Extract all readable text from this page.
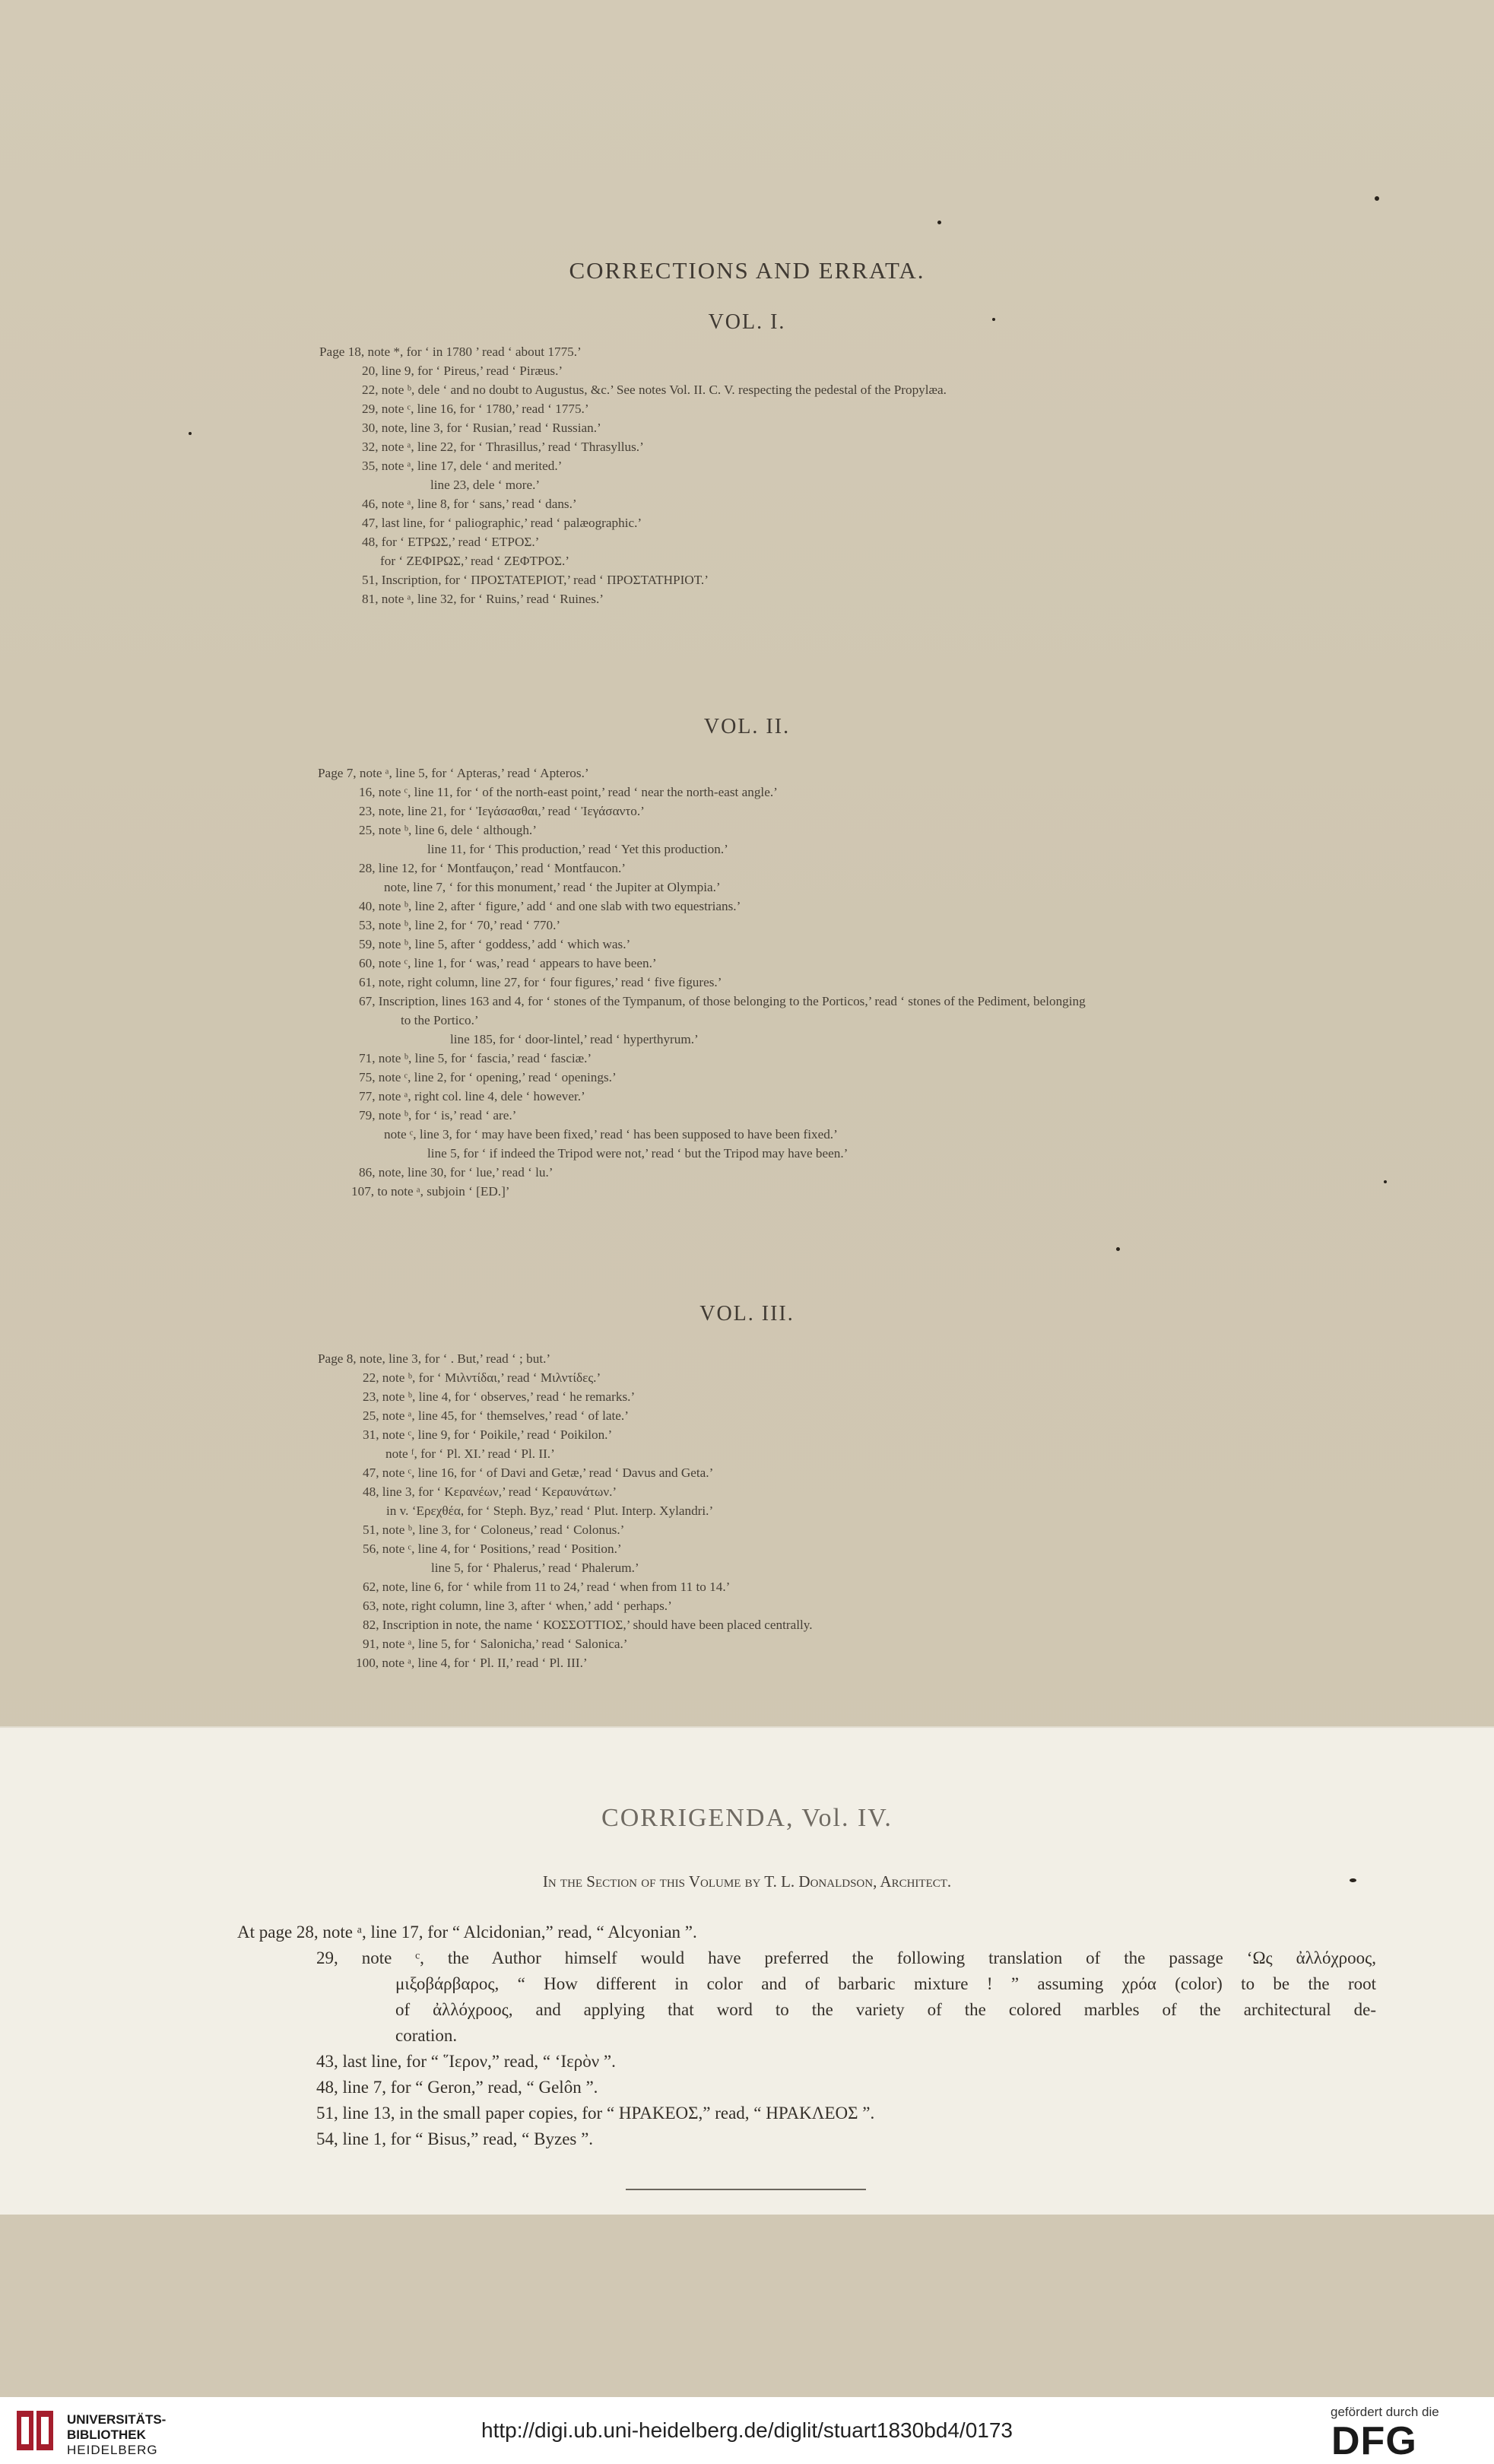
CORRECTIONS AND ERRATA.
VOL. I.
Page 18, note *, for ‘ in 1780 ’ read ‘ about 1775.’
20, line 9, for ‘ Pireus,’ read ‘ Piræus.’
22, note ᵇ, dele ‘ and no doubt to Augustus, &c.’ See notes Vol. II. C. V. respecting the pedestal of the Propylæa.
29, note ᶜ, line 16, for ‘ 1780,’ read ‘ 1775.’
30, note, line 3, for ‘ Rusian,’ read ‘ Russian.’
32, note ᵃ, line 22, for ‘ Thrasillus,’ read ‘ Thrasyllus.’
35, note ᵃ, line 17, dele ‘ and merited.’
line 23, dele ‘ more.’
46, note ᵃ, line 8, for ‘ sans,’ read ‘ dans.’
47, last line, for ‘ paliographic,’ read ‘ palæographic.’
48, for ‘ ΕΤΡΩΣ,’ read ‘ ΕΤΡΟΣ.’
for ‘ ΖΕΦΙΡΩΣ,’ read ‘ ΖΕΦΤΡΟΣ.’
51, Inscription, for ‘ ΠΡΟΣΤΑΤΕΡΙΟΤ,’ read ‘ ΠΡΟΣΤΑΤΗΡΙΟΤ.’
81, note ᵃ, line 32, for ‘ Ruins,’ read ‘ Ruines.’
VOL. II.
Page 7, note ᵃ, line 5, for ‘ Apteras,’ read ‘ Apteros.’
16, note ᶜ, line 11, for ‘ of the north-east point,’ read ‘ near the north-east angle.’
23, note, line 21, for ‘ Ἰεγάσασθαι,’ read ‘ Ἰεγάσαντο.’
25, note ᵇ, line 6, dele ‘ although.’
line 11, for ‘ This production,’ read ‘ Yet this production.’
28, line 12, for ‘ Montfauçon,’ read ‘ Montfaucon.’
note, line 7, ‘ for this monument,’ read ‘ the Jupiter at Olympia.’
40, note ᵇ, line 2, after ‘ figure,’ add ‘ and one slab with two equestrians.’
53, note ᵇ, line 2, for ‘ 70,’ read ‘ 770.’
59, note ᵇ, line 5, after ‘ goddess,’ add ‘ which was.’
60, note ᶜ, line 1, for ‘ was,’ read ‘ appears to have been.’
61, note, right column, line 27, for ‘ four figures,’ read ‘ five figures.’
67, Inscription, lines 163 and 4, for ‘ stones of the Tympanum, of those belonging to the Porticos,’ read ‘ stones of the Pediment, belonging
to the Portico.’
line 185, for ‘ door-lintel,’ read ‘ hyperthyrum.’
71, note ᵇ, line 5, for ‘ fascia,’ read ‘ fasciæ.’
75, note ᶜ, line 2, for ‘ opening,’ read ‘ openings.’
77, note ᵃ, right col. line 4, dele ‘ however.’
79, note ᵇ, for ‘ is,’ read ‘ are.’
note ᶜ, line 3, for ‘ may have been fixed,’ read ‘ has been supposed to have been fixed.’
line 5, for ‘ if indeed the Tripod were not,’ read ‘ but the Tripod may have been.’
86, note, line 30, for ‘ lue,’ read ‘ lu.’
107, to note ᵃ, subjoin ‘ [ED.]’
VOL. III.
Page 8, note, line 3, for ‘ . But,’ read ‘ ; but.’
22, note ᵇ, for ‘ Μιλντίδαι,’ read ‘ Μιλντίδες.’
23, note ᵇ, line 4, for ‘ observes,’ read ‘ he remarks.’
25, note ᵃ, line 45, for ‘ themselves,’ read ‘ of late.’
31, note ᶜ, line 9, for ‘ Poikile,’ read ‘ Poikilon.’
note ᶠ, for ‘ Pl. XI.’ read ‘ Pl. II.’
47, note ᶜ, line 16, for ‘ of Davi and Getæ,’ read ‘ Davus and Geta.’
48, line 3, for ‘ Κερανέων,’ read ‘ Κεραυνάτων.’
in v. ‘Ερεχθέα, for ‘ Steph. Byz,’ read ‘ Plut. Interp. Xylandri.’
51, note ᵇ, line 3, for ‘ Coloneus,’ read ‘ Colonus.’
56, note ᶜ, line 4, for ‘ Positions,’ read ‘ Position.’
line 5, for ‘ Phalerus,’ read ‘ Phalerum.’
62, note, line 6, for ‘ while from 11 to 24,’ read ‘ when from 11 to 14.’
63, note, right column, line 3, after ‘ when,’ add ‘ perhaps.’
82, Inscription in note, the name ‘ ΚΟΣΣΟΤΤΙΟΣ,’ should have been placed centrally.
91, note ᵃ, line 5, for ‘ Salonicha,’ read ‘ Salonica.’
100, note ᵃ, line 4, for ‘ Pl. II,’ read ‘ Pl. III.’
CORRIGENDA, Vol. IV.
In the Section of this Volume by T. L. Donaldson, Architect.
At page 28, note ᵃ, line 17, for “ Alcidonian,” read, “ Alcyonian ”.
29, note ᶜ, the Author himself would have preferred the following translation of the passage ‘Ως ἀλλόχροος,
μιξοβάρβαρος, “ How different in color and of barbaric mixture ! ” assuming χρόα (color) to be the root
of ἀλλόχροος, and applying that word to the variety of the colored marbles of the architectural de-
coration.
43, last line, for “ ῞Ιερον,” read, “ ‘Ιερὸν ”.
48, line 7, for “ Geron,” read, “ Gelôn ”.
51, line 13, in the small paper copies, for “ ΗΡΑΚΕΟΣ,” read, “ ΗΡΑΚΛΕΟΣ ”.
54, line 1, for “ Bisus,” read, “ Byzes ”.
UNIVERSITÄTS-
BIBLIOTHEK
HEIDELBERG
http://digi.ub.uni-heidelberg.de/diglit/stuart1830bd4/0173
gefördert durch die
DFG
